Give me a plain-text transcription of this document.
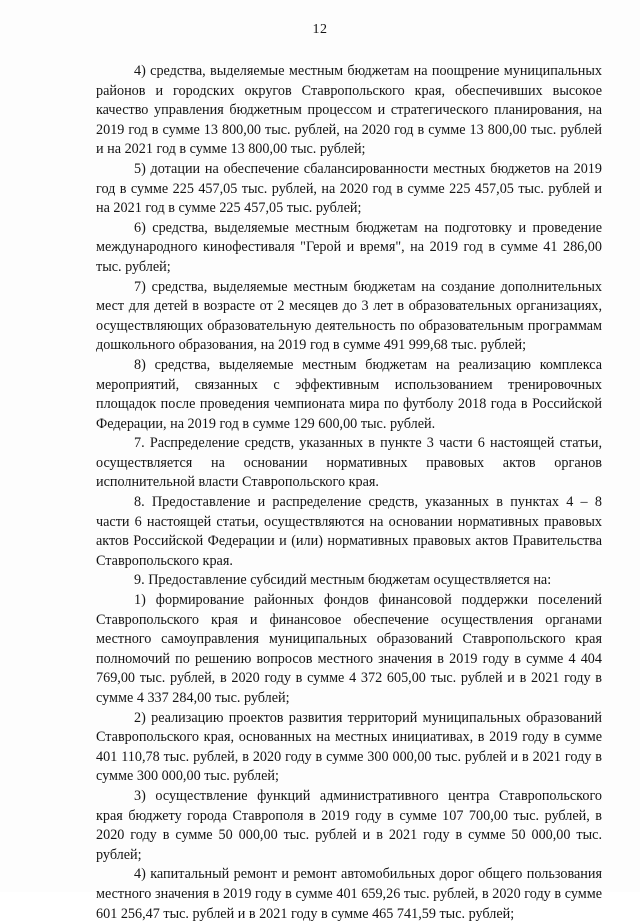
12

4) средства, выделяемые местным бюджетам на поощрение муниципальных районов и городских округов Ставропольского края, обеспечивших высокое качество управления бюджетным процессом и стратегического планирования, на 2019 год в сумме 13 800,00 тыс. рублей, на 2020 год в сумме 13 800,00 тыс. рублей и на 2021 год в сумме 13 800,00 тыс. рублей;

5) дотации на обеспечение сбалансированности местных бюджетов на 2019 год в сумме 225 457,05 тыс. рублей, на 2020 год в сумме 225 457,05 тыс. рублей и на 2021 год в сумме 225 457,05 тыс. рублей;

6) средства, выделяемые местным бюджетам на подготовку и проведение международного кинофестиваля "Герой и время", на 2019 год в сумме 41 286,00 тыс. рублей;

7) средства, выделяемые местным бюджетам на создание дополнительных мест для детей в возрасте от 2 месяцев до 3 лет в образовательных организациях, осуществляющих образовательную деятельность по образовательным программам дошкольного образования, на 2019 год в сумме 491 999,68 тыс. рублей;

8) средства, выделяемые местным бюджетам на реализацию комплекса мероприятий, связанных с эффективным использованием тренировочных площадок после проведения чемпионата мира по футболу 2018 года в Российской Федерации, на 2019 год в сумме 129 600,00 тыс. рублей.

7. Распределение средств, указанных в пункте 3 части 6 настоящей статьи, осуществляется на основании нормативных правовых актов органов исполнительной власти Ставропольского края.

8. Предоставление и распределение средств, указанных в пунктах 4 – 8 части 6 настоящей статьи, осуществляются на основании нормативных правовых актов Российской Федерации и (или) нормативных правовых актов Правительства Ставропольского края.

9. Предоставление субсидий местным бюджетам осуществляется на:

1) формирование районных фондов финансовой поддержки поселений Ставропольского края и финансовое обеспечение осуществления органами местного самоуправления муниципальных образований Ставропольского края полномочий по решению вопросов местного значения в 2019 году в сумме 4 404 769,00 тыс. рублей, в 2020 году в сумме 4 372 605,00 тыс. рублей и в 2021 году в сумме 4 337 284,00 тыс. рублей;

2) реализацию проектов развития территорий муниципальных образований Ставропольского края, основанных на местных инициативах, в 2019 году в сумме 401 110,78 тыс. рублей, в 2020 году в сумме 300 000,00 тыс. рублей и в 2021 году в сумме 300 000,00 тыс. рублей;

3) осуществление функций административного центра Ставропольского края бюджету города Ставрополя в 2019 году в сумме 107 700,00 тыс. рублей, в 2020 году в сумме 50 000,00 тыс. рублей и в 2021 году в сумме 50 000,00 тыс. рублей;

4) капитальный ремонт и ремонт автомобильных дорог общего пользования местного значения в 2019 году в сумме 401 659,26 тыс. рублей, в 2020 году в сумме 601 256,47 тыс. рублей и в 2021 году в сумме 465 741,59 тыс. рублей;
